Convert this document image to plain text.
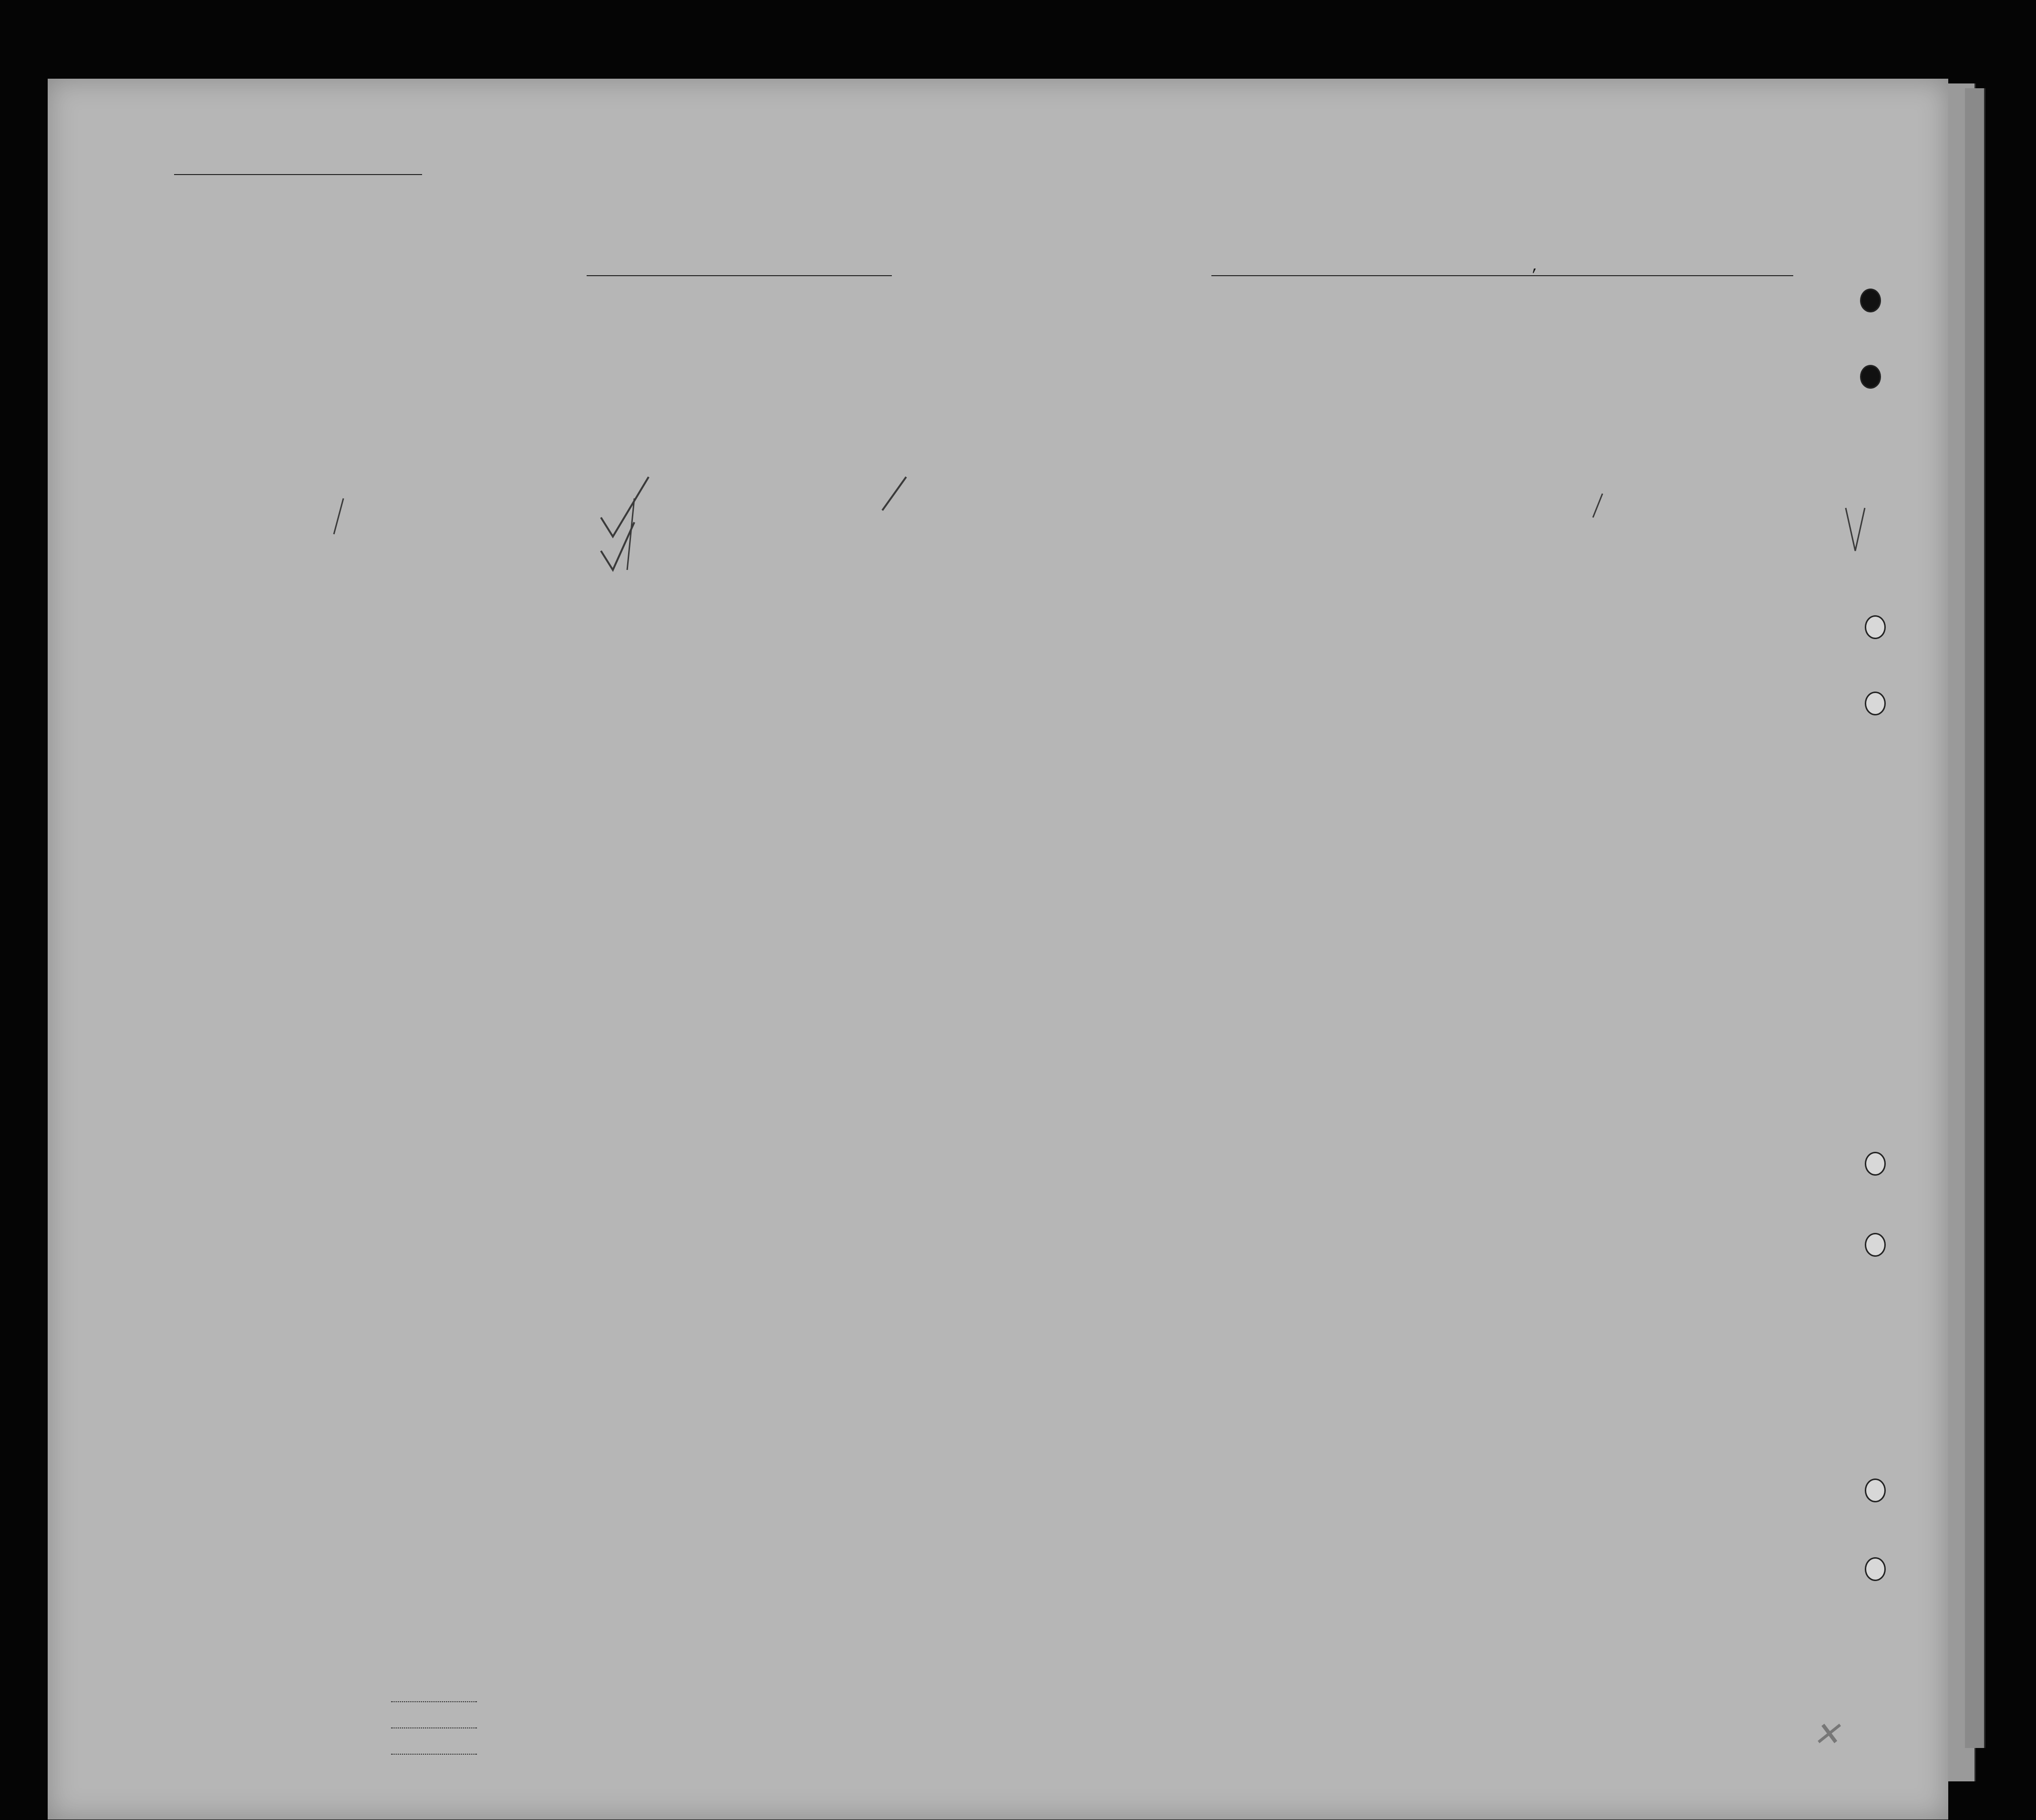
,
✕
